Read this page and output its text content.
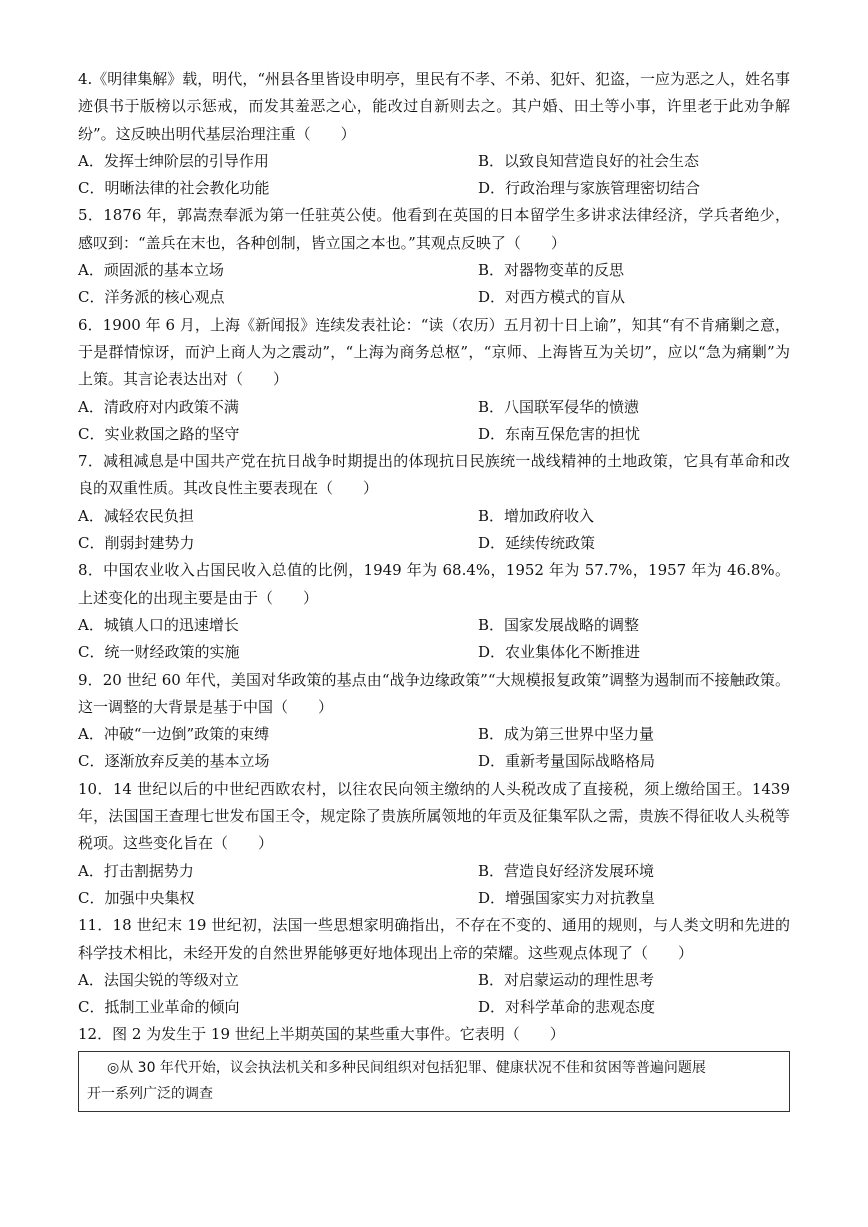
4.《明律集解》载，明代，“州县各里皆设申明亭，里民有不孝、不弟、犯奸、犯盗，一应为恶之人，姓名事迹俱书于版榜以示惩戒，而发其羞恶之心，能改过自新则去之。其户婚、田土等小事，许里老于此劝争解纷”。这反映出明代基层治理注重（　　）

A．发挥士绅阶层的引导作用	B．以致良知营造良好的社会生态
C．明晰法律的社会教化功能	D．行政治理与家族管理密切结合

5．1876 年，郭嵩焘奉派为第一任驻英公使。他看到在英国的日本留学生多讲求法律经济，学兵者绝少，感叹到：“盖兵在末也，各种创制，皆立国之本也。”其观点反映了（　　）

A．顽固派的基本立场	B．对器物变革的反思
C．洋务派的核心观点	D．对西方模式的盲从

6．1900 年 6 月，上海《新闻报》连续发表社论：“读（农历）五月初十日上谕”，知其“有不肯痛剿之意，于是群情惊讶，而沪上商人为之震动”，“上海为商务总枢”，“京师、上海皆互为关切”，应以“急为痛剿”为上策。其言论表达出对（　　）

A．清政府对内政策不满	B．八国联军侵华的愤懑
C．实业救国之路的坚守	D．东南互保危害的担忧

7．减租减息是中国共产党在抗日战争时期提出的体现抗日民族统一战线精神的土地政策，它具有革命和改良的双重性质。其改良性主要表现在（　　）

A．减轻农民负担	B．增加政府收入
C．削弱封建势力	D．延续传统政策

8．中国农业收入占国民收入总值的比例，1949 年为 68.4%，1952 年为 57.7%，1957 年为 46.8%。上述变化的出现主要是由于（　　）

A．城镇人口的迅速增长	B．国家发展战略的调整
C．统一财经政策的实施	D．农业集体化不断推进

9．20 世纪 60 年代，美国对华政策的基点由“战争边缘政策”“大规模报复政策”调整为遏制而不接触政策。这一调整的大背景是基于中国（　　）

A．冲破“一边倒”政策的束缚	B．成为第三世界中坚力量
C．逐渐放弃反美的基本立场	D．重新考量国际战略格局

10．14 世纪以后的中世纪西欧农村，以往农民向领主缴纳的人头税改成了直接税，须上缴给国王。1439 年，法国国王查理七世发布国王令，规定除了贵族所属领地的年贡及征集军队之需，贵族不得征收人头税等税项。这些变化旨在（　　）

A．打击割据势力	B．营造良好经济发展环境
C．加强中央集权	D．增强国家实力对抗教皇

11．18 世纪末 19 世纪初，法国一些思想家明确指出，不存在不变的、通用的规则，与人类文明和先进的科学技术相比，未经开发的自然世界能够更好地体现出上帝的荣耀。这些观点体现了（　　）

A．法国尖锐的等级对立	B．对启蒙运动的理性思考
C．抵制工业革命的倾向	D．对科学革命的悲观态度

12．图 2 为发生于 19 世纪上半期英国的某些重大事件。它表明（　　）

◎从 30 年代开始，议会执法机关和多种民间组织对包括犯罪、健康状况不佳和贫困等普遍问题展
开一系列广泛的调查
